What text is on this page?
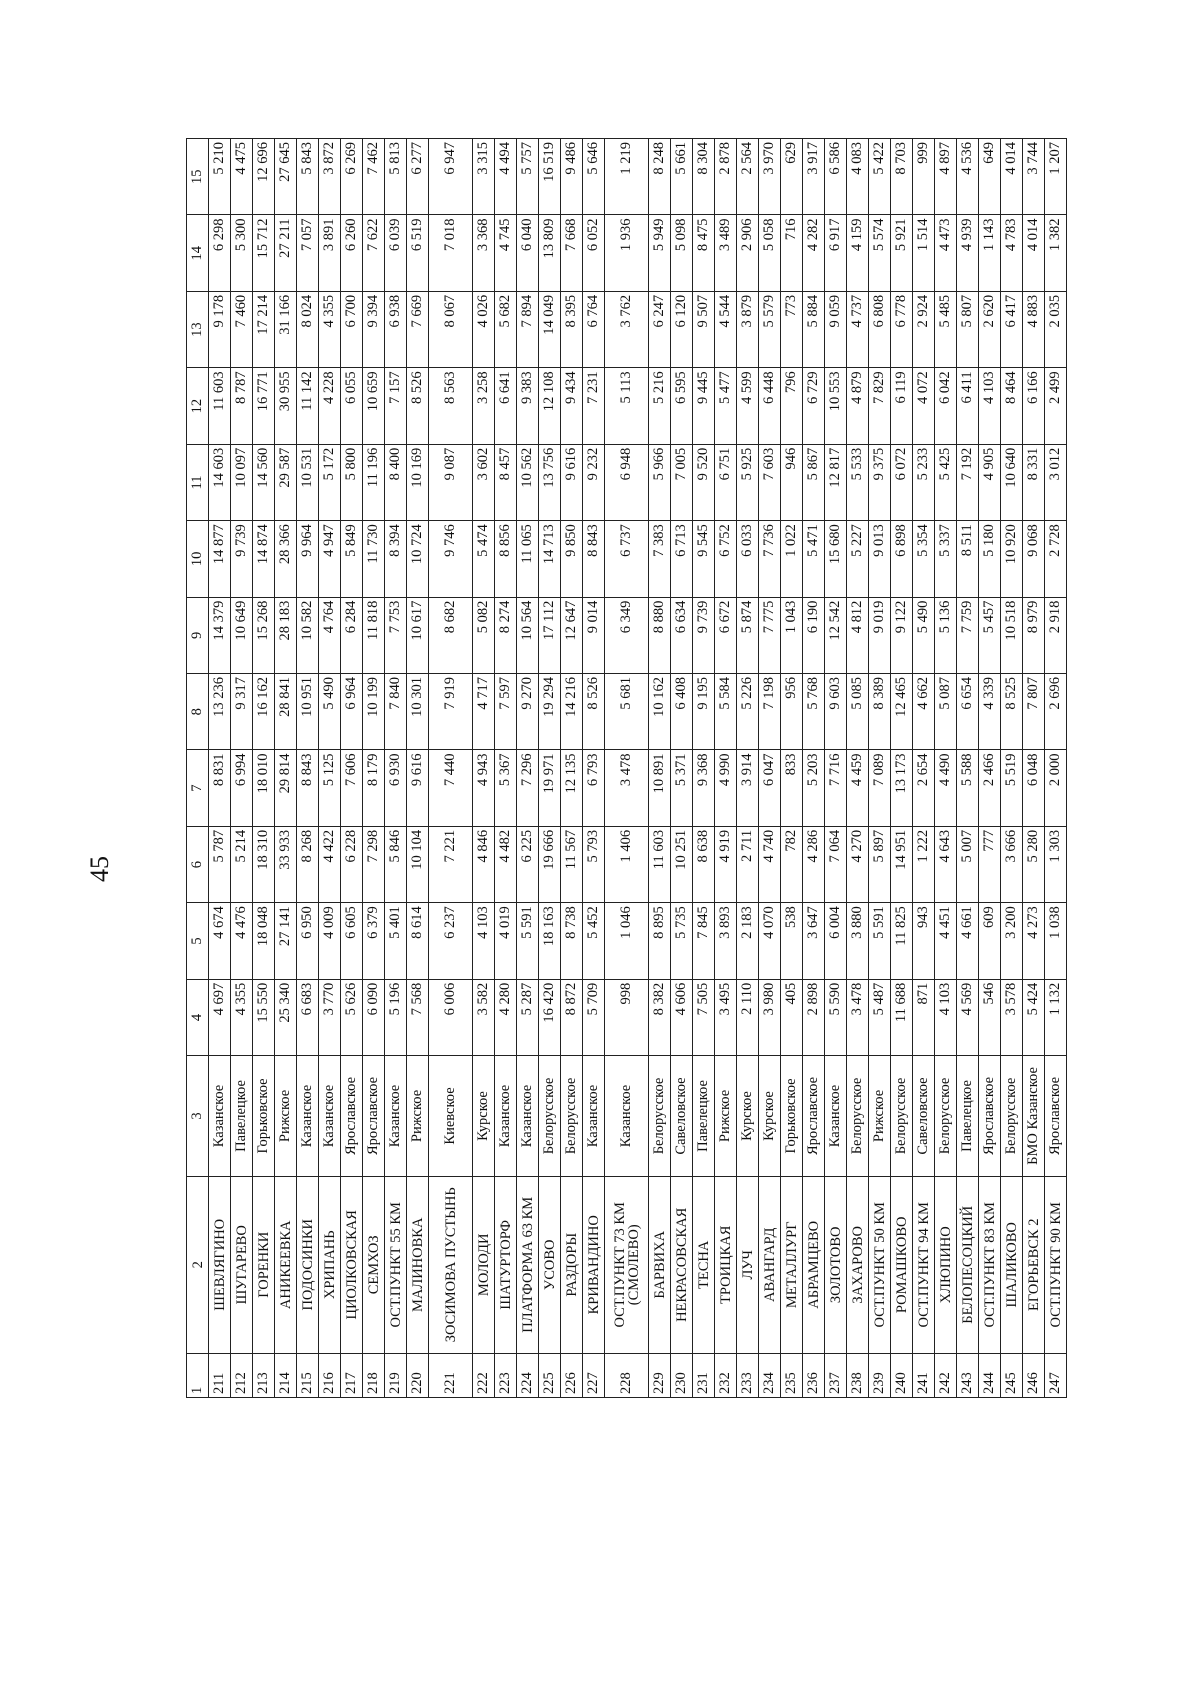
45
1	2	3	4	5	6	7	8	9	10	11	12	13	14	15
211	ШЕВЛЯГИНО	Казанское	4 697	4 674	5 787	8 831	13 236	14 379	14 877	14 603	11 603	9 178	6 298	5 210
212	ШУГАРЕВО	Павелецкое	4 355	4 476	5 214	6 994	9 317	10 649	9 739	10 097	8 787	7 460	5 300	4 475
213	ГОРЕНКИ	Горьковское	15 550	18 048	18 310	18 010	16 162	15 268	14 874	14 560	16 771	17 214	15 712	12 696
214	АНИКЕЕВКА	Рижское	25 340	27 141	33 933	29 814	28 841	28 183	28 366	29 587	30 955	31 166	27 211	27 645
215	ПОДОСИНКИ	Казанское	6 683	6 950	8 268	8 843	10 951	10 582	9 964	10 531	11 142	8 024	7 057	5 843
216	ХРИПАНЬ	Казанское	3 770	4 009	4 422	5 125	5 490	4 764	4 947	5 172	4 228	4 355	3 891	3 872
217	ЦИОЛКОВСКАЯ	Ярославское	5 626	6 605	6 228	7 606	6 964	6 284	5 849	5 800	6 055	6 700	6 260	6 269
218	СЕМХОЗ	Ярославское	6 090	6 379	7 298	8 179	10 199	11 818	11 730	11 196	10 659	9 394	7 622	7 462
219	ОСТ.ПУНКТ 55 КМ	Казанское	5 196	5 401	5 846	6 930	7 840	7 753	8 394	8 400	7 157	6 938	6 039	5 813
220	МАЛИНОВКА	Рижское	7 568	8 614	10 104	9 616	10 301	10 617	10 724	10 169	8 526	7 669	6 519	6 277
221	ЗОСИМОВА ПУСТЫНЬ	Киевское	6 006	6 237	7 221	7 440	7 919	8 682	9 746	9 087	8 563	8 067	7 018	6 947
222	МОЛОДИ	Курское	3 582	4 103	4 846	4 943	4 717	5 082	5 474	3 602	3 258	4 026	3 368	3 315
223	ШАТУРТОРФ	Казанское	4 280	4 019	4 482	5 367	7 597	8 274	8 856	8 457	6 641	5 682	4 745	4 494
224	ПЛАТФОРМА 63 КМ	Казанское	5 287	5 591	6 225	7 296	9 270	10 564	11 065	10 562	9 383	7 894	6 040	5 757
225	УСОВО	Белорусское	16 420	18 163	19 666	19 971	19 294	17 112	14 713	13 756	12 108	14 049	13 809	16 519
226	РАЗДОРЫ	Белорусское	8 872	8 738	11 567	12 135	14 216	12 647	9 850	9 616	9 434	8 395	7 668	9 486
227	КРИВАНДИНО	Казанское	5 709	5 452	5 793	6 793	8 526	9 014	8 843	9 232	7 231	6 764	6 052	5 646
228	ОСТ.ПУНКТ 73 КМ (СМОЛЕВО)	Казанское	998	1 046	1 406	3 478	5 681	6 349	6 737	6 948	5 113	3 762	1 936	1 219
229	БАРВИХА	Белорусское	8 382	8 895	11 603	10 891	10 162	8 880	7 383	5 966	5 216	6 247	5 949	8 248
230	НЕКРАСОВСКАЯ	Савеловское	4 606	5 735	10 251	5 371	6 408	6 634	6 713	7 005	6 595	6 120	5 098	5 661
231	ТЕСНА	Павелецкое	7 505	7 845	8 638	9 368	9 195	9 739	9 545	9 520	9 445	9 507	8 475	8 304
232	ТРОИЦКАЯ	Рижское	3 495	3 893	4 919	4 990	5 584	6 672	6 752	6 751	5 477	4 544	3 489	2 878
233	ЛУЧ	Курское	2 110	2 183	2 711	3 914	5 226	5 874	6 033	5 925	4 599	3 879	2 906	2 564
234	АВАНГАРД	Курское	3 980	4 070	4 740	6 047	7 198	7 775	7 736	7 603	6 448	5 579	5 058	3 970
235	МЕТАЛЛУРГ	Горьковское	405	538	782	833	956	1 043	1 022	946	796	773	716	629
236	АБРАМЦЕВО	Ярославское	2 898	3 647	4 286	5 203	5 768	6 190	5 471	5 867	6 729	5 884	4 282	3 917
237	ЗОЛОТОВО	Казанское	5 590	6 004	7 064	7 716	9 603	12 542	15 680	12 817	10 553	9 059	6 917	6 586
238	ЗАХАРОВО	Белорусское	3 478	3 880	4 270	4 459	5 085	4 812	5 227	5 533	4 879	4 737	4 159	4 083
239	ОСТ.ПУНКТ 50 КМ	Рижское	5 487	5 591	5 897	7 089	8 389	9 019	9 013	9 375	7 829	6 808	5 574	5 422
240	РОМАШКОВО	Белорусское	11 688	11 825	14 951	13 173	12 465	9 122	6 898	6 072	6 119	6 778	5 921	8 703
241	ОСТ.ПУНКТ 94 КМ	Савеловское	871	943	1 222	2 654	4 662	5 490	5 354	5 233	4 072	2 924	1 514	999
242	ХЛЮПИНО	Белорусское	4 103	4 451	4 643	4 490	5 087	5 136	5 337	5 425	6 042	5 485	4 473	4 897
243	БЕЛОПЕСОЦКИЙ	Павелецкое	4 569	4 661	5 007	5 588	6 654	7 759	8 511	7 192	6 411	5 807	4 939	4 536
244	ОСТ.ПУНКТ 83 КМ	Ярославское	546	609	777	2 466	4 339	5 457	5 180	4 905	4 103	2 620	1 143	649
245	ШАЛИКОВО	Белорусское	3 578	3 200	3 666	5 519	8 525	10 518	10 920	10 640	8 464	6 417	4 783	4 014
246	ЕГОРЬЕВСК 2	БМО Казанское	5 424	4 273	5 280	6 048	7 807	8 979	9 068	8 331	6 166	4 883	4 014	3 744
247	ОСТ.ПУНКТ 90 КМ	Ярославское	1 132	1 038	1 303	2 000	2 696	2 918	2 728	3 012	2 499	2 035	1 382	1 207
